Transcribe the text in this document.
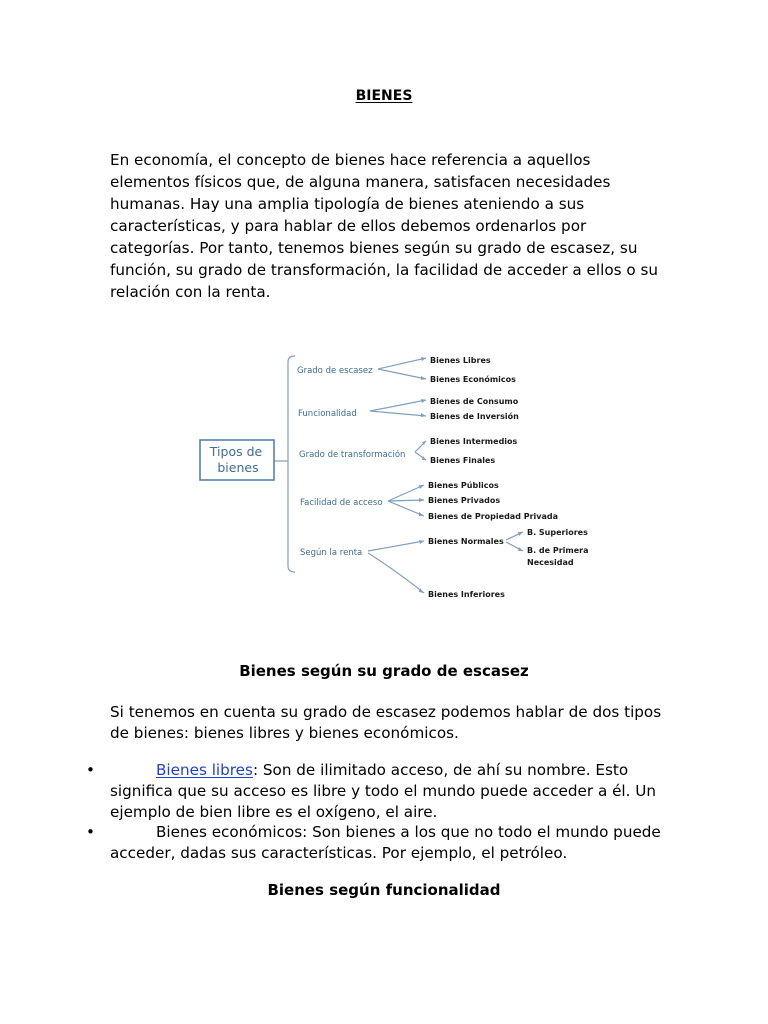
BIENES

En economía, el concepto de bienes hace referencia a aquellos elementos físicos que, de alguna manera, satisfacen necesidades humanas. Hay una amplia tipología de bienes ateniendo a sus características, y para hablar de ellos debemos ordenarlos por categorías. Por tanto, tenemos bienes según su grado de escasez, su función, su grado de transformación, la facilidad de acceder a ellos o su relación con la renta.

Tipos de
bienes
Grado de escasez
Funcionalidad
Grado de transformación
Facilidad de acceso
Según la renta
Bienes Libres
Bienes Económicos
Bienes de Consumo
Bienes de Inversión
Bienes Intermedios
Bienes Finales
Bienes Públicos
Bienes Privados
Bienes de Propiedad Privada
Bienes Normales
Bienes Inferiores
B. Superiores
B. de Primera
Necesidad
Bienes según su grado de escasez

Si tenemos en cuenta su grado de escasez podemos hablar de dos tipos de bienes: bienes libres y bienes económicos.

•	Bienes libres: Son de ilimitado acceso, de ahí su nombre. Esto significa que su acceso es libre y todo el mundo puede acceder a él. Un ejemplo de bien libre es el oxígeno, el aire.
•	Bienes económicos: Son bienes a los que no todo el mundo puede acceder, dadas sus características. Por ejemplo, el petróleo.
Bienes según funcionalidad
